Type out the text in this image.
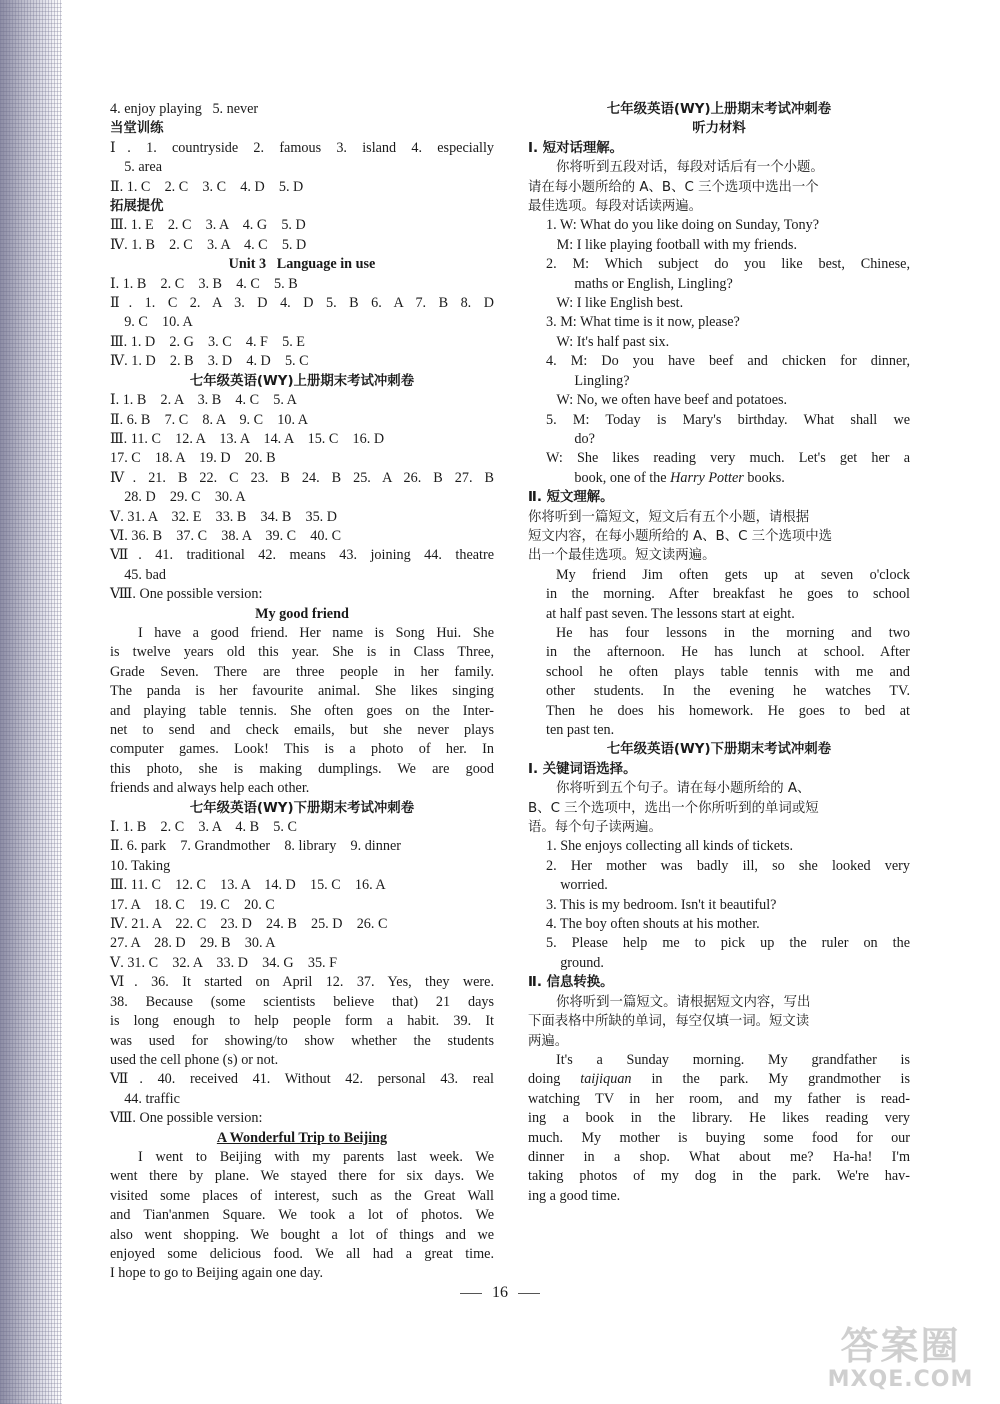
4. enjoy playing   5. never
当堂训练
Ⅰ. 1. countryside 2. famous 3. island 4. especially
5. area
Ⅱ. 1. C    2. C    3. C    4. D    5. D
拓展提优
Ⅲ. 1. E    2. C    3. A    4. G    5. D
Ⅳ. 1. B    2. C    3. A    4. C    5. D
Unit 3   Language in use
Ⅰ. 1. B    2. C    3. B    4. C    5. B
Ⅱ. 1. C 2. A 3. D 4. D 5. B 6. A 7. B 8. D
9. C    10. A
Ⅲ. 1. D    2. G    3. C    4. F    5. E
Ⅳ. 1. D    2. B    3. D    4. D    5. C
七年级英语(WY)上册期末考试冲刺卷
Ⅰ. 1. B    2. A    3. B    4. C    5. A
Ⅱ. 6. B    7. C    8. A    9. C    10. A
Ⅲ. 11. C    12. A    13. A    14. A    15. C    16. D
17. C    18. A    19. D    20. B
Ⅳ. 21. B 22. C 23. B 24. B 25. A 26. B 27. B
28. D    29. C    30. A
Ⅴ. 31. A    32. E    33. B    34. B    35. D
Ⅵ. 36. B    37. C    38. A    39. C    40. C
Ⅶ. 41. traditional 42. means 43. joining 44. theatre
45. bad
Ⅷ. One possible version:
My good friend
I have a good friend. Her name is Song Hui. She
is twelve years old this year. She is in Class Three,
Grade Seven. There are three people in her family.
The panda is her favourite animal. She likes singing
and playing table tennis. She often goes on the Inter-
net to send and check emails, but she never plays
computer games. Look! This is a photo of her. In
this photo, she is making dumplings. We are good
friends and always help each other.
七年级英语(WY)下册期末考试冲刺卷
Ⅰ. 1. B    2. C    3. A    4. B    5. C
Ⅱ. 6. park    7. Grandmother    8. library    9. dinner
10. Taking
Ⅲ. 11. C    12. C    13. A    14. D    15. C    16. A
17. A    18. C    19. C    20. C
Ⅳ. 21. A    22. C    23. D    24. B    25. D    26. C
27. A    28. D    29. B    30. A
Ⅴ. 31. C    32. A    33. D    34. G    35. F
Ⅵ. 36. It started on April 12. 37. Yes, they were.
38. Because (some scientists believe that) 21 days
is long enough to help people form a habit. 39. It
was used for showing/to show whether the students
used the cell phone (s) or not.
Ⅶ. 40. received 41. Without 42. personal 43. real
44. traffic
Ⅷ. One possible version:
A Wonderful Trip to Beijing
I went to Beijing with my parents last week. We
went there by plane. We stayed there for six days. We
visited some places of interest, such as the Great Wall
and Tian'anmen Square. We took a lot of photos. We
also went shopping. We bought a lot of things and we
enjoyed some delicious food. We all had a great time.
I hope to go to Beijing again one day.
七年级英语(WY)上册期末考试冲刺卷
听力材料
Ⅰ. 短对话理解。
你将听到五段对话，每段对话后有一个小题。
请在每小题所给的 A、B、C 三个选项中选出一个
最佳选项。每段对话读两遍。
1. W: What do you like doing on Sunday, Tony?
M: I like playing football with my friends.
2. M: Which subject do you like best, Chinese,
maths or English, Lingling?
W: I like English best.
3. M: What time is it now, please?
W: It's half past six.
4. M: Do you have beef and chicken for dinner,
Lingling?
W: No, we often have beef and potatoes.
5. M: Today is Mary's birthday. What shall we
do?
W: She likes reading very much. Let's get her a
book, one of the Harry Potter books.
Ⅱ. 短文理解。
你将听到一篇短文，短文后有五个小题，请根据
短文内容，在每小题所给的 A、B、C 三个选项中选
出一个最佳选项。短文读两遍。
My friend Jim often gets up at seven o'clock
in the morning. After breakfast he goes to school
at half past seven. The lessons start at eight.
He has four lessons in the morning and two
in the afternoon. He has lunch at school. After
school he often plays table tennis with me and
other students. In the evening he watches TV.
Then he does his homework. He goes to bed at
ten past ten.
七年级英语(WY)下册期末考试冲刺卷
Ⅰ. 关键词语选择。
你将听到五个句子。请在每小题所给的 A、
B、C 三个选项中，选出一个你所听到的单词或短
语。每个句子读两遍。
1. She enjoys collecting all kinds of tickets.
2. Her mother was badly ill, so she looked very
worried.
3. This is my bedroom. Isn't it beautiful?
4. The boy often shouts at his mother.
5. Please help me to pick up the ruler on the
ground.
Ⅱ. 信息转换。
你将听到一篇短文。请根据短文内容，写出
下面表格中所缺的单词，每空仅填一词。短文读
两遍。
It's a Sunday morning. My grandfather is
doing taijiquan in the park. My grandmother is
watching TV in her room, and my father is read-
ing a book in the library. He likes reading very
much. My mother is buying some food for our
dinner in a shop. What about me? Ha-ha! I'm
taking photos of my dog in the park. We're hav-
ing a good time.
16
答案圈
MXQE.COM
